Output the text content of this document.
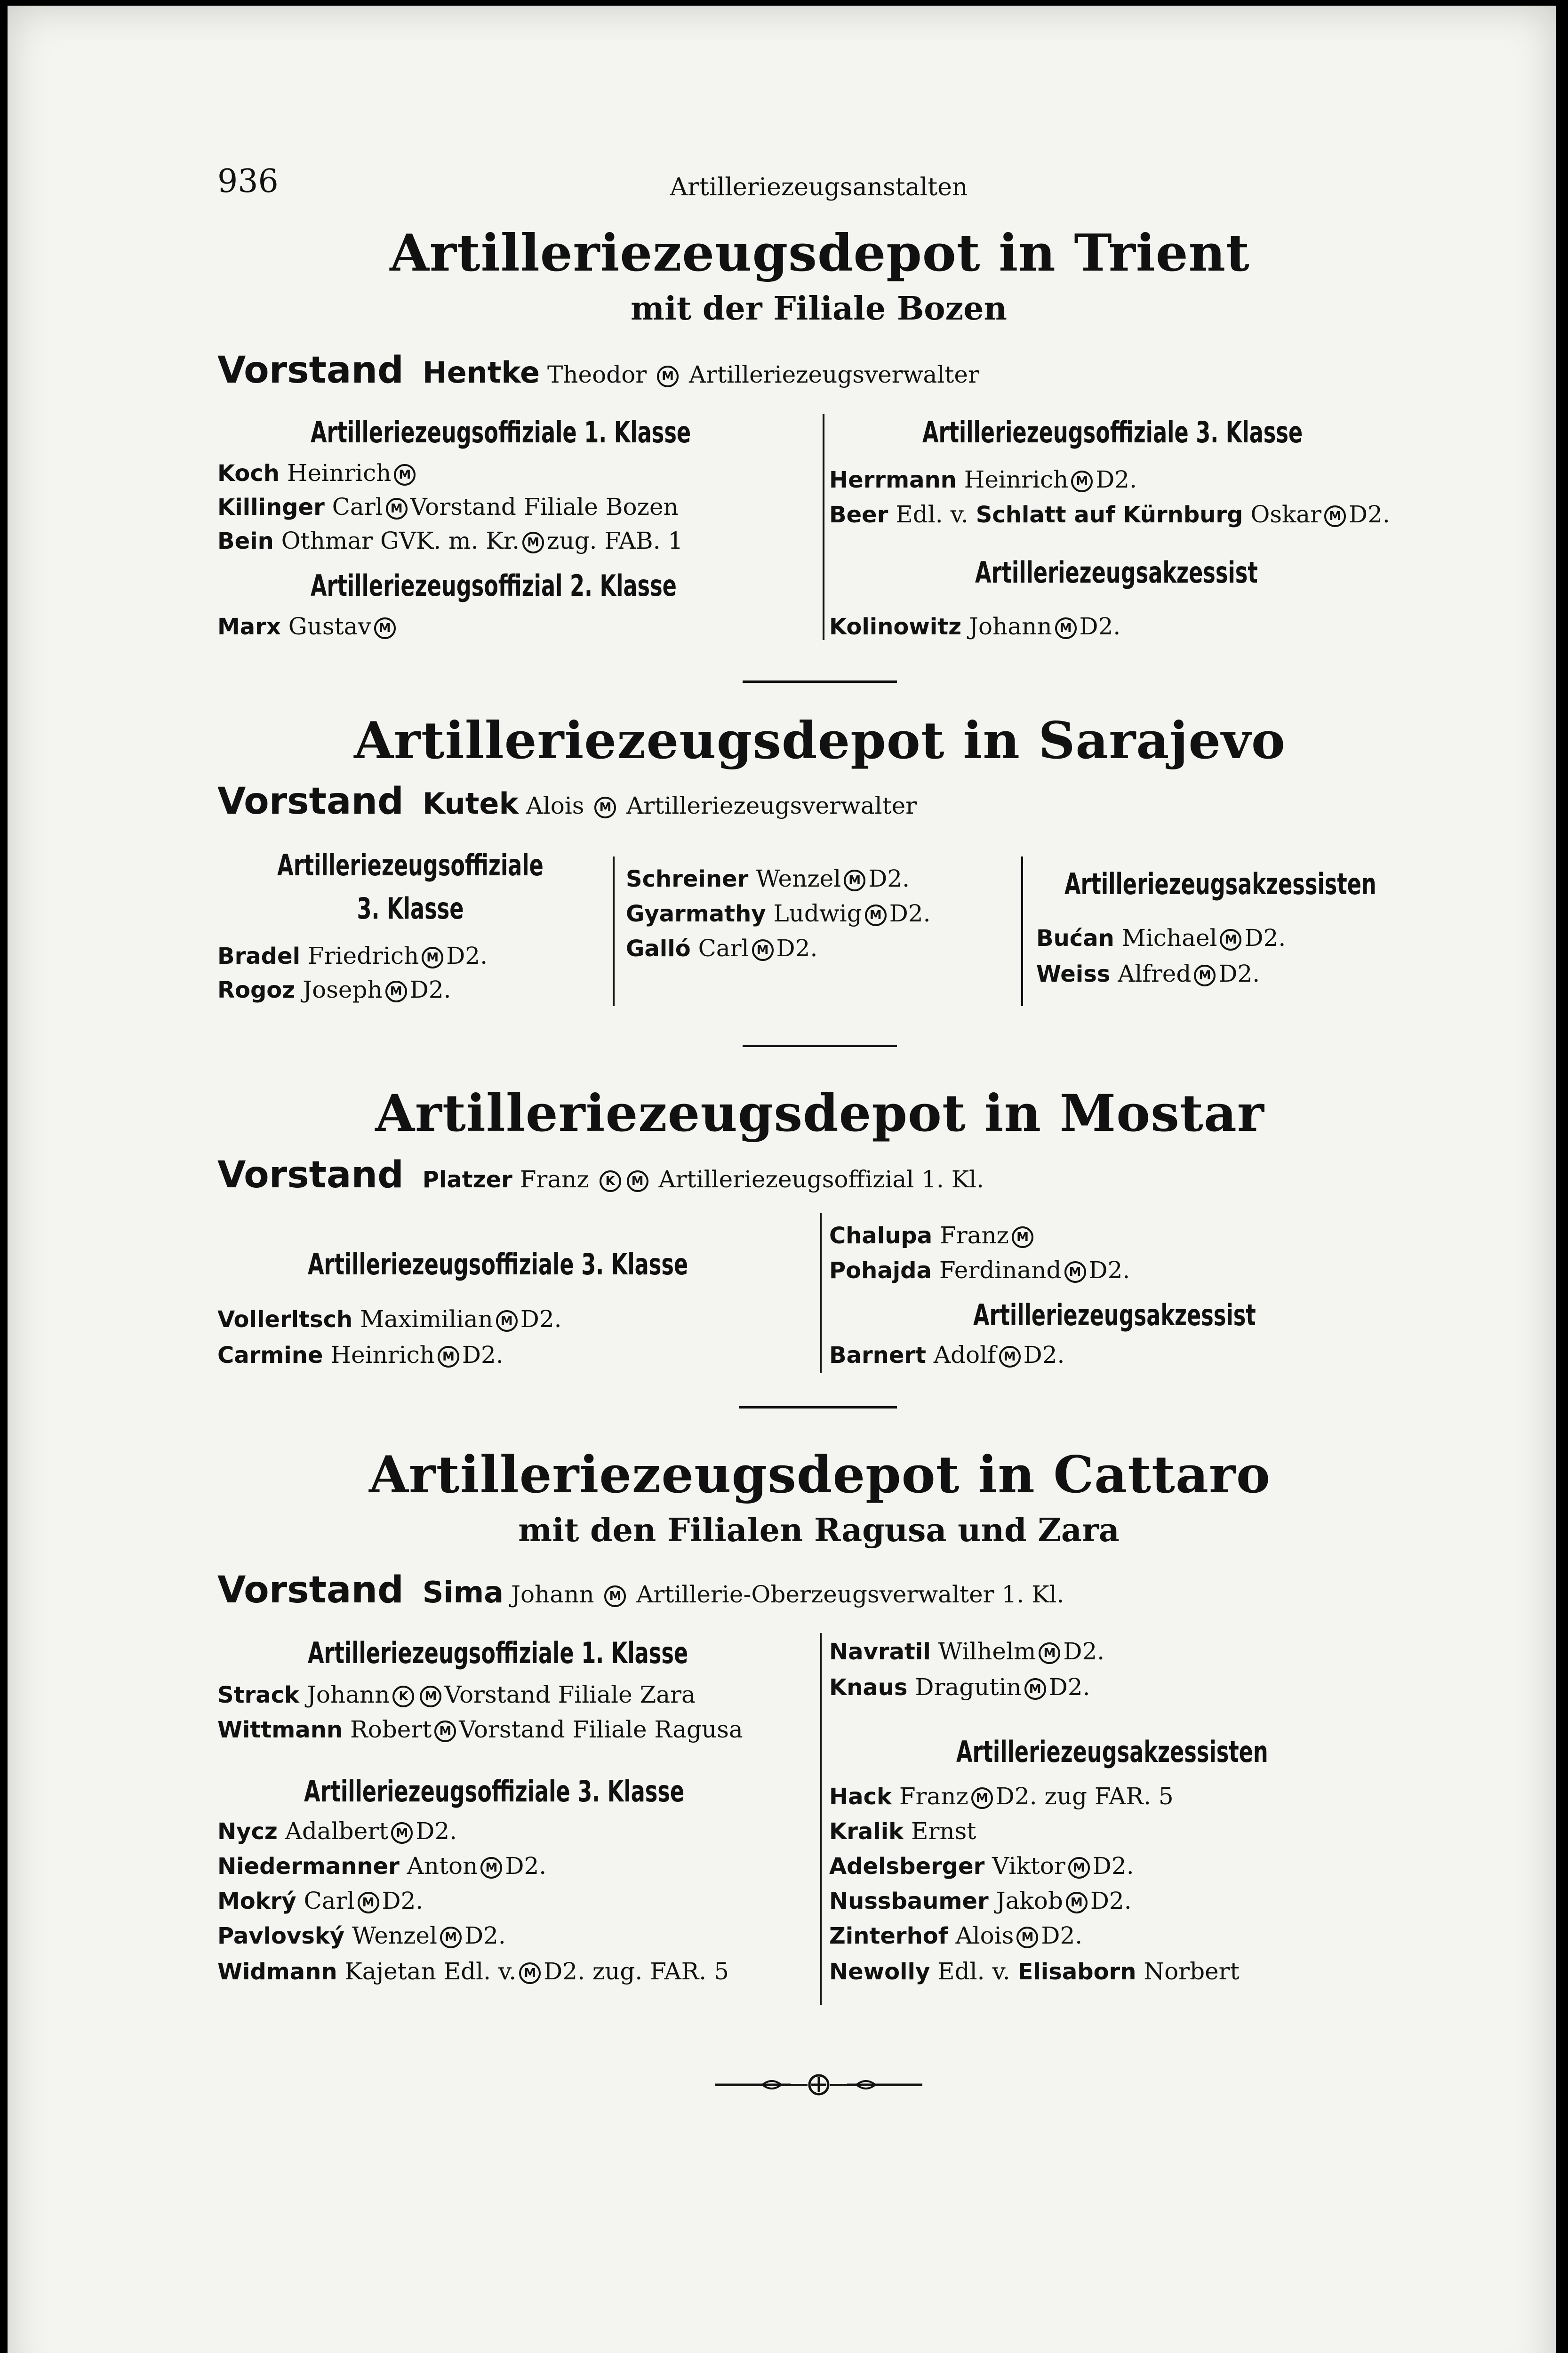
936	Artilleriezeugsanstalten
Artilleriezeugsdepot in Trient
mit der Filiale Bozen
Vorstand Hentke Theodor M Artilleriezeugsverwalter
Artilleriezeugsoffiziale 1. Klasse
Koch Heinrich M
Killinger Carl M Vorstand Filiale Bozen
Bein Othmar GVK. m. Kr. M zug. FAB. 1
Artilleriezeugsoffizial 2. Klasse
Marx Gustav M
Artilleriezeugsoffiziale 3. Klasse
Herrmann Heinrich M D2.
Beer Edl. v. Schlatt auf Kürnburg Oskar M D2.
Artilleriezeugsakzessist
Kolinowitz Johann M D2.
Artilleriezeugsdepot in Sarajevo
Vorstand Kutek Alois M Artilleriezeugsverwalter
Artilleriezeugsoffiziale
3. Klasse
Bradel Friedrich M D2.
Rogoz Joseph M D2.
Schreiner Wenzel M D2.
Gyarmathy Ludwig M D2.
Galló Carl M D2.
Artilleriezeugsakzessisten
Bućan Michael M D2.
Weiss Alfred M D2.
Artilleriezeugsdepot in Mostar
Vorstand Platzer Franz K M Artilleriezeugsoffizial 1. Kl.
Artilleriezeugsoffiziale 3. Klasse
Vollerltsch Maximilian M D2.
Carmine Heinrich M D2.
Chalupa Franz M
Pohajda Ferdinand M D2.
Artilleriezeugsakzessist
Barnert Adolf M D2.
Artilleriezeugsdepot in Cattaro
mit den Filialen Ragusa und Zara
Vorstand Sima Johann M Artillerie-Oberzeugsverwalter 1. Kl.
Artilleriezeugsoffiziale 1. Klasse
Strack Johann K M Vorstand Filiale Zara
Wittmann Robert M Vorstand Filiale Ragusa
Artilleriezeugsoffiziale 3. Klasse
Nycz Adalbert M D2.
Niedermanner Anton M D2.
Mokrý Carl M D2.
Pavlovský Wenzel M D2.
Widmann Kajetan Edl. v. M D2. zug. FAR. 5
Navratil Wilhelm M D2.
Knaus Dragutin M D2.
Artilleriezeugsakzessisten
Hack Franz M D2. zug FAR. 5
Kralik Ernst
Adelsberger Viktor M D2.
Nussbaumer Jakob M D2.
Zinterhof Alois M D2.
Newolly Edl. v. Elisaborn Norbert
